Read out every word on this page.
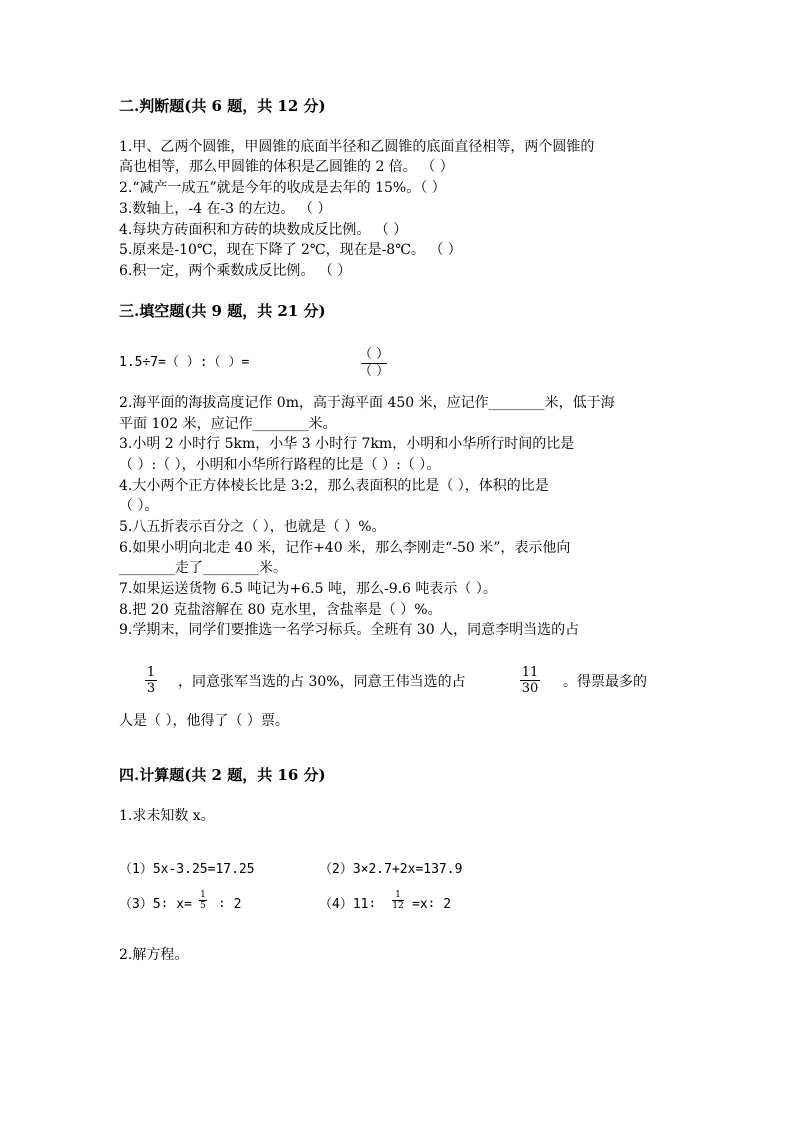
二.判断题(共 6 题，共 12 分)
1.甲、乙两个圆锥，甲圆锥的底面半径和乙圆锥的底面直径相等，两个圆锥的
高也相等，那么甲圆锥的体积是乙圆锥的 2 倍。 （ ）
2.“减产一成五”就是今年的收成是去年的 15%。（ ）
3.数轴上，-4 在-3 的左边。 （ ）
4.每块方砖面积和方砖的块数成反比例。 （ ）
5.原来是-10℃，现在下降了 2℃，现在是-8℃。 （ ）
6.积一定，两个乘数成反比例。 （ ）
三.填空题(共 9 题，共 21 分)
1.5÷7=（ ）:（ ）=
（ ）
（ ）
2.海平面的海拔高度记作 0m，高于海平面 450 米，应记作________米，低于海
平面 102 米，应记作________米。
3.小明 2 小时行 5km，小华 3 小时行 7km，小明和小华所行时间的比是
（ ）:（ ），小明和小华所行路程的比是（ ）:（ ）。
4.大小两个正方体棱长比是 3:2，那么表面积的比是（ ），体积的比是
（ ）。
5.八五折表示百分之（ ），也就是（ ）%。
6.如果小明向北走 40 米，记作+40 米，那么李刚走“-50 米”，表示他向
________走了________米。
7.如果运送货物 6.5 吨记为+6.5 吨，那么-9.6 吨表示（ ）。
8.把 20 克盐溶解在 80 克水里，含盐率是（ ）%。
9.学期末，同学们要推选一名学习标兵。全班有 30 人，同意李明当选的占
1
3 ，同意张军当选的占 30%，同意王伟当选的占
11
30 。得票最多的
人是（ ），他得了（ ）票。
四.计算题(共 2 题，共 16 分)
1.求未知数 x。
（1）5x-3.25=17.25	（2）3×2.7+2x=137.9
（3）5∶ x=
1
5 ∶ 2	（4）11∶
1
12 =x∶ 2
2.解方程。
